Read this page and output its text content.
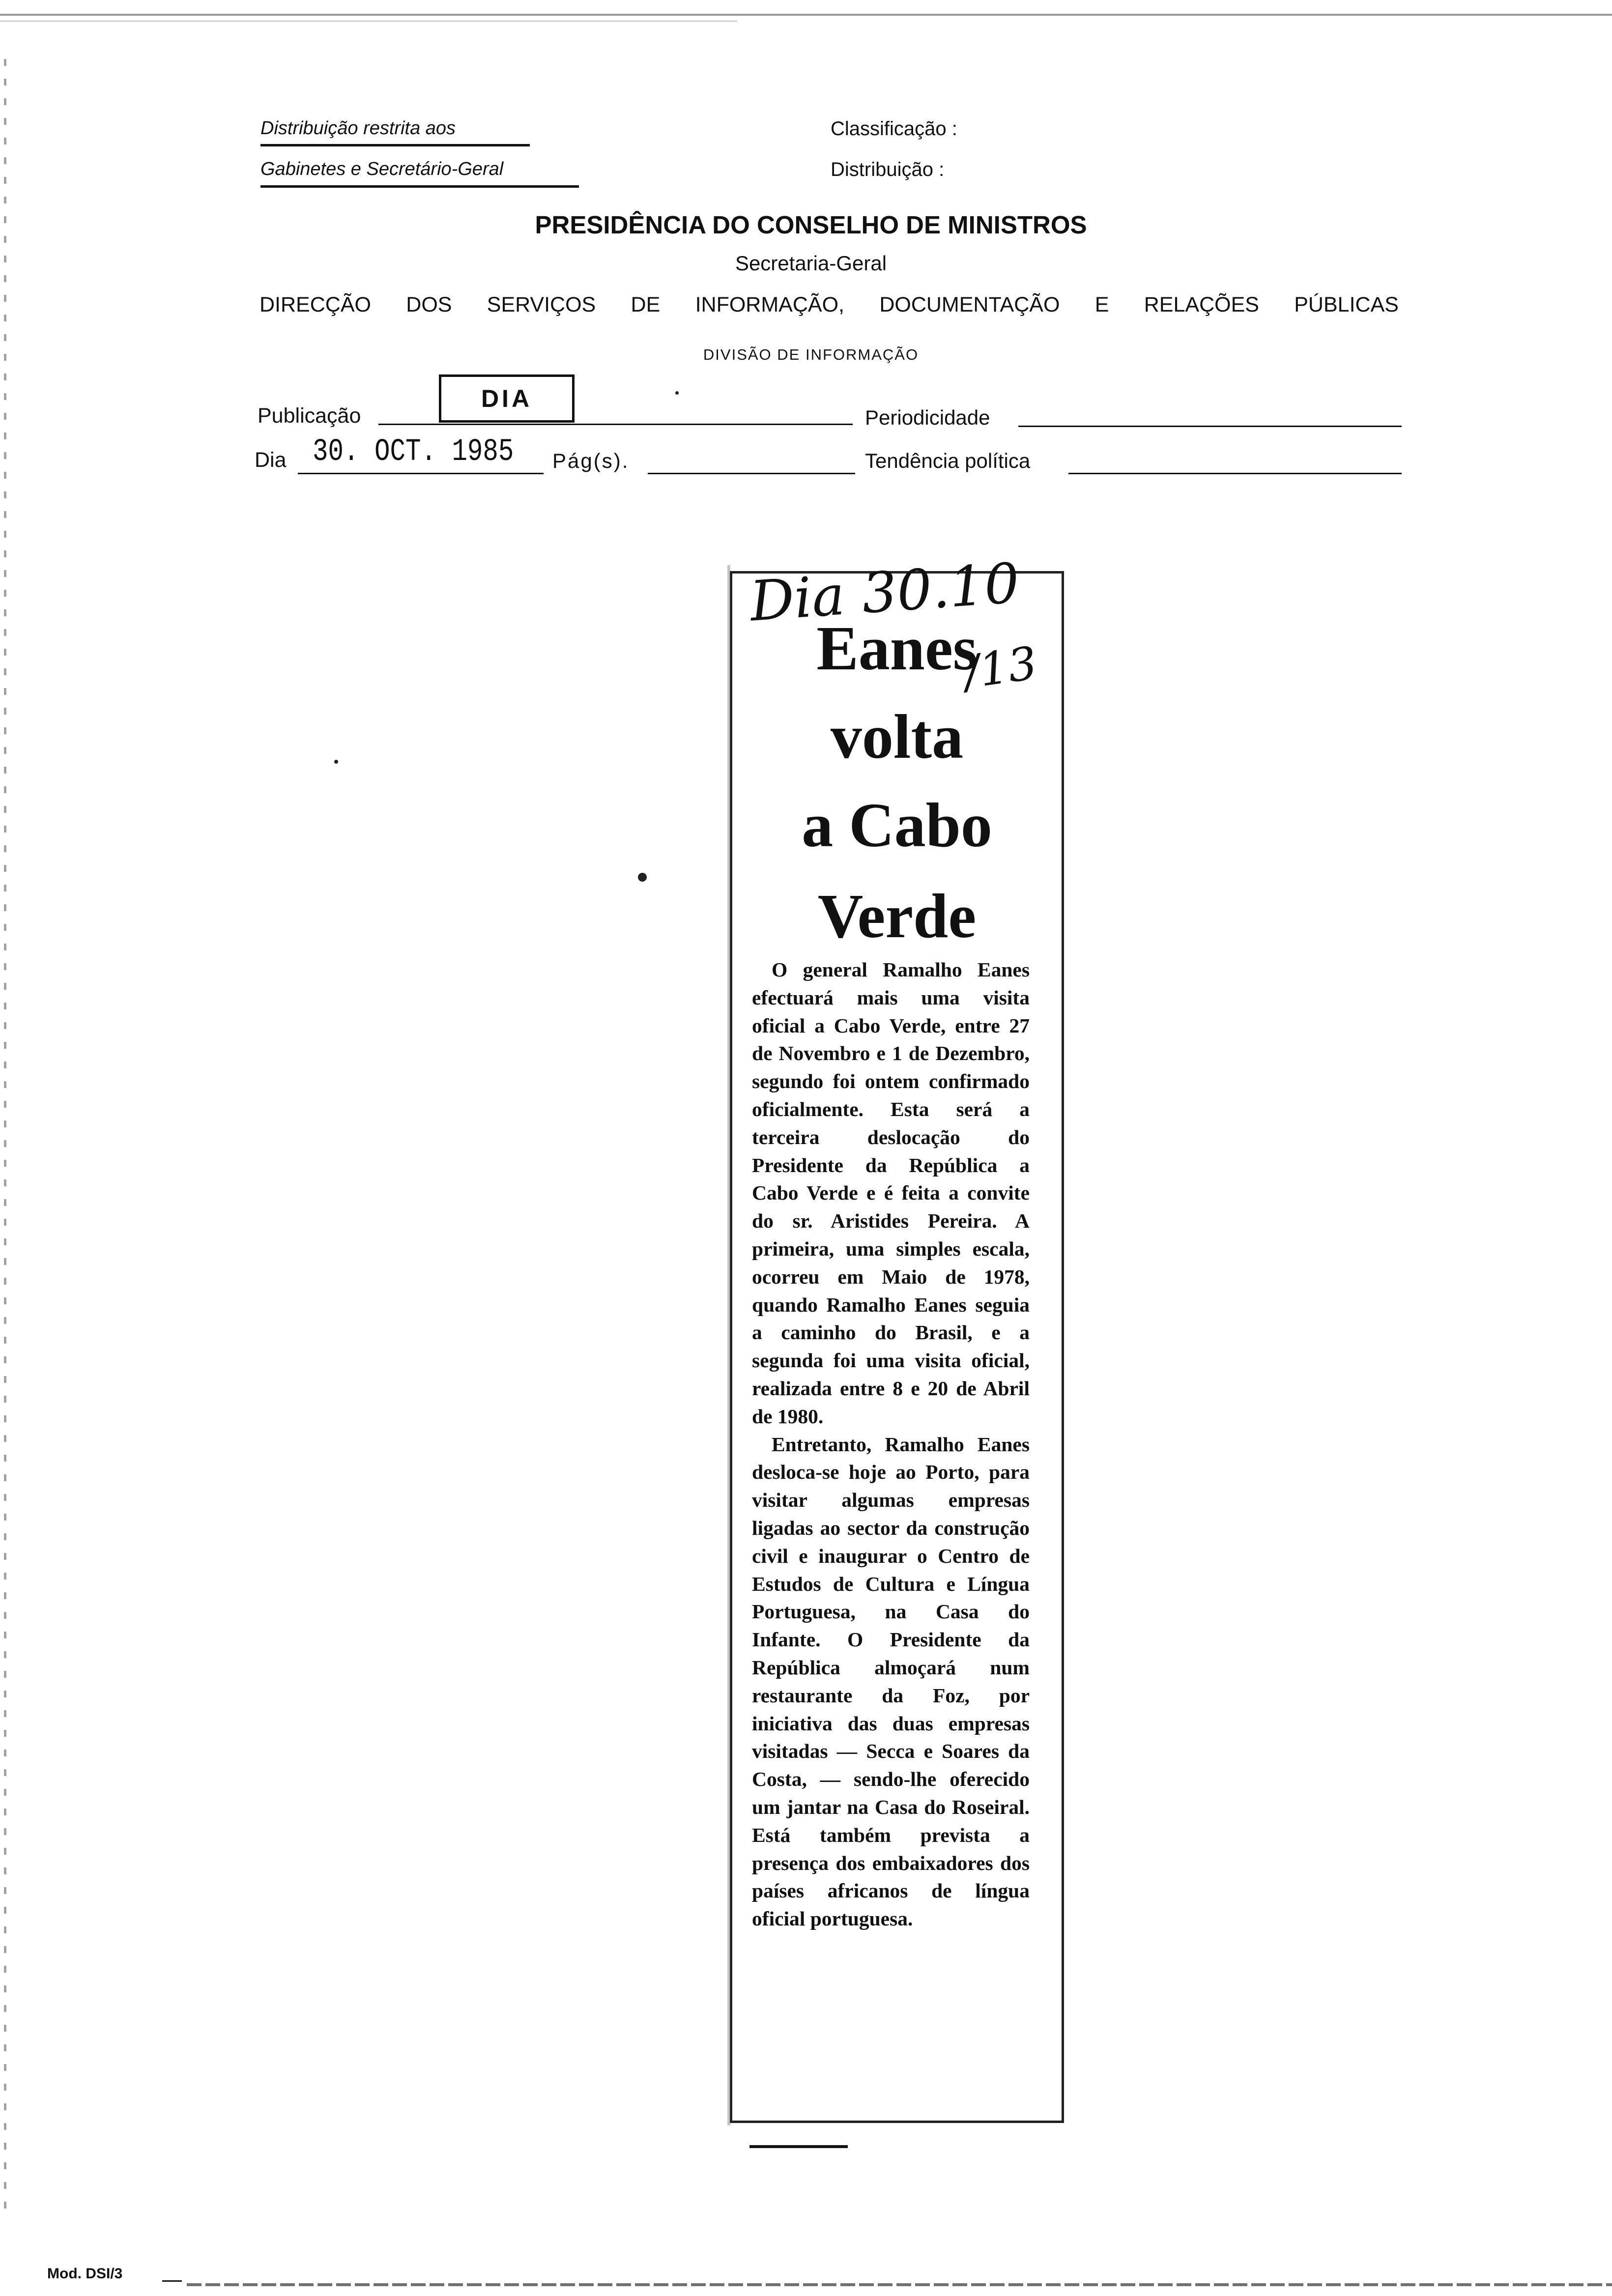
Distribuição restrita aos
Gabinetes e Secretário-Geral
Classificação :
Distribuição :
PRESIDÊNCIA DO CONSELHO DE MINISTROS
Secretaria-Geral
DIRECÇÃO DOS SERVIÇOS DE INFORMAÇÃO, DOCUMENTAÇÃO E RELAÇÕES PÚBLICAS
DIVISÃO DE INFORMAÇÃO
Publicação
DIA
Periodicidade
Dia 30. OCT. 1985 Pág(s).	Tendência política
Eanes
volta
a Cabo
Verde
Dia 30.10
/13

O general Ramalho Eanes efectuará mais uma visita oficial a Cabo Verde, entre 27 de Novembro e 1 de Dezembro, segundo foi ontem confirmado oficialmente. Esta será a terceira deslocação do Presidente da República a Cabo Verde e é feita a convite do sr. Aristides Pereira. A primeira, uma simples escala, ocorreu em Maio de 1978, quando Ramalho Eanes seguia a caminho do Brasil, e a segunda foi uma visita oficial, realizada entre 8 e 20 de Abril de 1980.

Entretanto, Ramalho Eanes desloca-se hoje ao Porto, para visitar algumas empresas ligadas ao sector da construção civil e inaugurar o Centro de Estudos de Cultura e Língua Portuguesa, na Casa do Infante. O Presidente da República almoçará num restaurante da Foz, por iniciativa das duas empresas visitadas — Secca e Soares da Costa, — sendo-lhe oferecido um jantar na Casa do Roseiral. Está também prevista a presença dos embaixadores dos países africanos de língua oficial portuguesa.

Mod. DSI/3
